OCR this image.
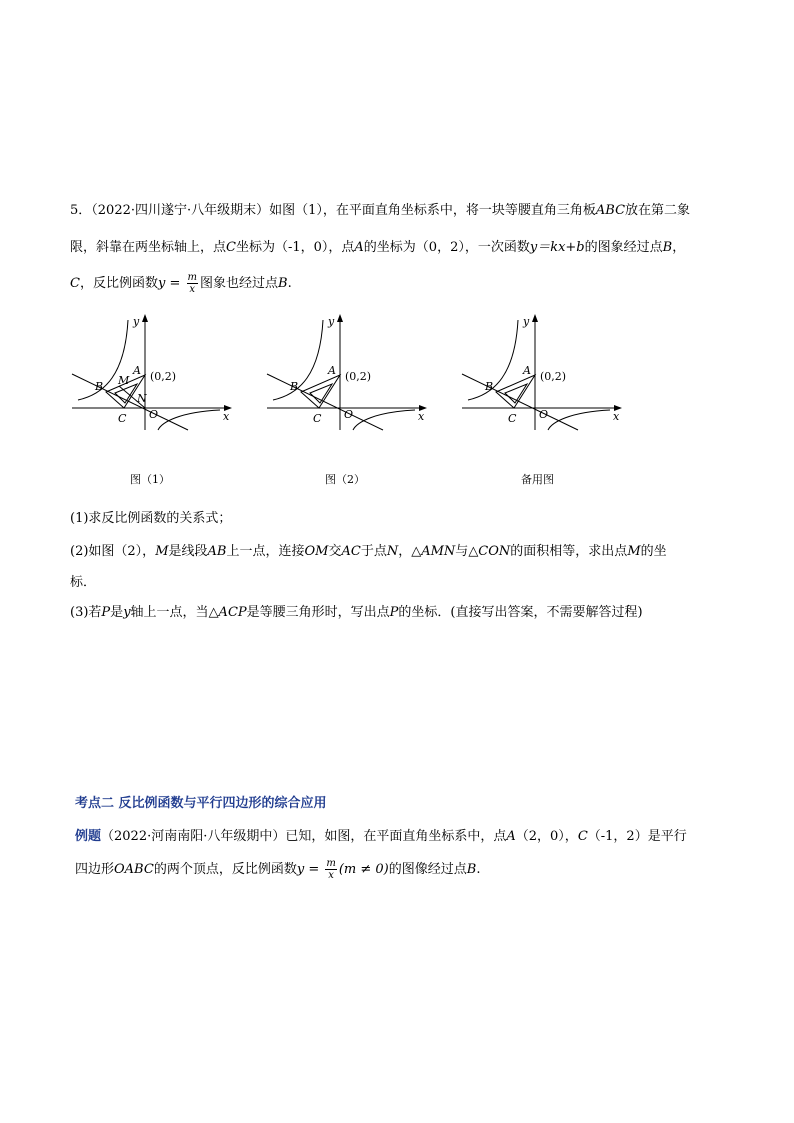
5．（2022·四川遂宁·八年级期末）如图（1），在平面直角坐标系中，将一块等腰直角三角板ABC放在第二象
限，斜靠在两坐标轴上，点C坐标为（-1，0），点A的坐标为（0，2），一次函数y＝kx+b的图象经过点B，
C，反比例函数$y = \frac{m}{x}$ 图象也经过点B.
A (0,2)
B M
N
C O	x
y
图（1）
A (0,2)
B
C O	x
y
图（2）
A (0,2)
B
C O	x
y
备用图
(1)求反比例函数的关系式；
(2)如图（2），M是线段AB上一点，连接OM交AC于点N，△AMN与△CON的面积相等，求出点M的坐
标．
(3)若P是y轴上一点，当△ACP是等腰三角形时，写出点P的坐标．(直接写出答案，不需要解答过程)
考点二 反比例函数与平行四边形的综合应用
例题（2022·河南南阳·八年级期中）已知，如图，在平面直角坐标系中，点A（2，0），C（-1，2）是平行
四边形OABC的两个顶点，反比例函数$y = \frac{m}{x} (m \ne 0)$的图像经过点B.
